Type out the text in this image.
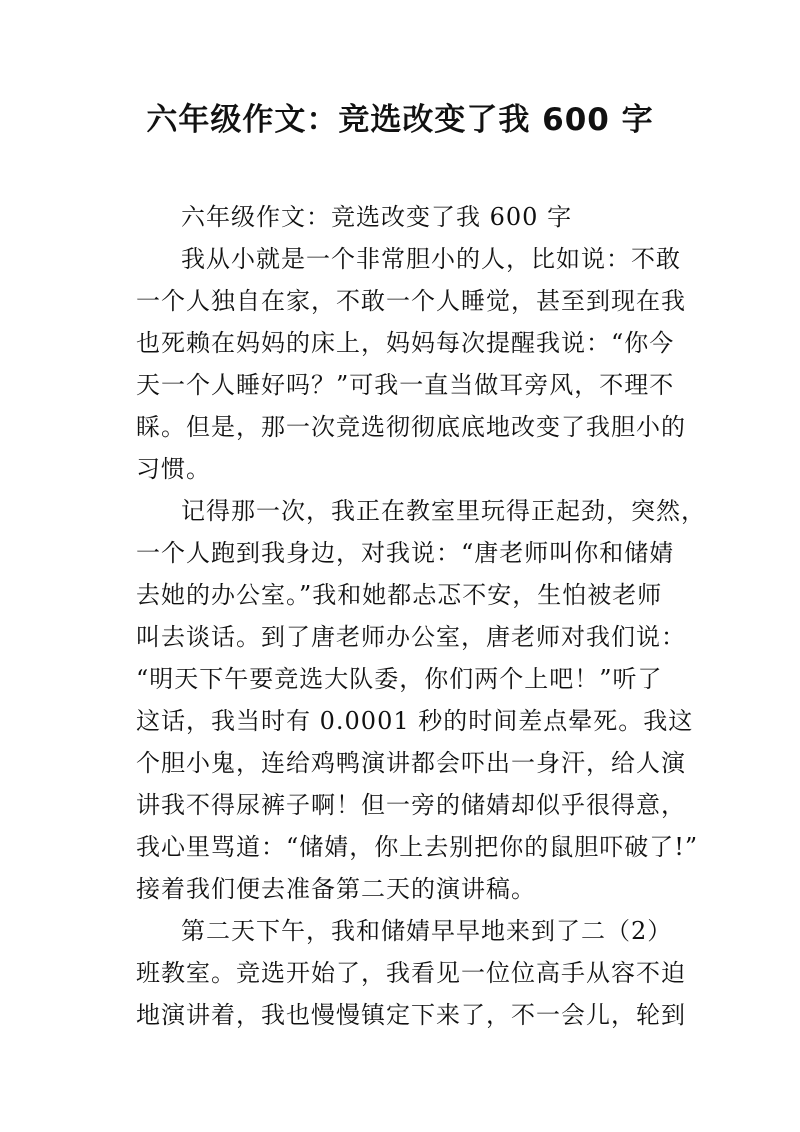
六年级作文：竞选改变了我 600 字
六年级作文：竞选改变了我 600 字
我从小就是一个非常胆小的人，比如说：不敢
一个人独自在家，不敢一个人睡觉，甚至到现在我
也死赖在妈妈的床上，妈妈每次提醒我说：“你今
天一个人睡好吗？”可我一直当做耳旁风，不理不
睬。但是，那一次竞选彻彻底底地改变了我胆小的
习惯。
记得那一次，我正在教室里玩得正起劲，突然，
一个人跑到我身边，对我说：“唐老师叫你和储婧
去她的办公室。”我和她都忐忑不安，生怕被老师
叫去谈话。到了唐老师办公室，唐老师对我们说：
“明天下午要竞选大队委，你们两个上吧！”听了
这话，我当时有 0.0001 秒的时间差点晕死。我这
个胆小鬼，连给鸡鸭演讲都会吓出一身汗，给人演
讲我不得尿裤子啊！但一旁的储婧却似乎很得意，
我心里骂道：“储婧，你上去别把你的鼠胆吓破了!”
接着我们便去准备第二天的演讲稿。
第二天下午，我和储婧早早地来到了二（2）
班教室。竞选开始了，我看见一位位高手从容不迫
地演讲着，我也慢慢镇定下来了，不一会儿，轮到
